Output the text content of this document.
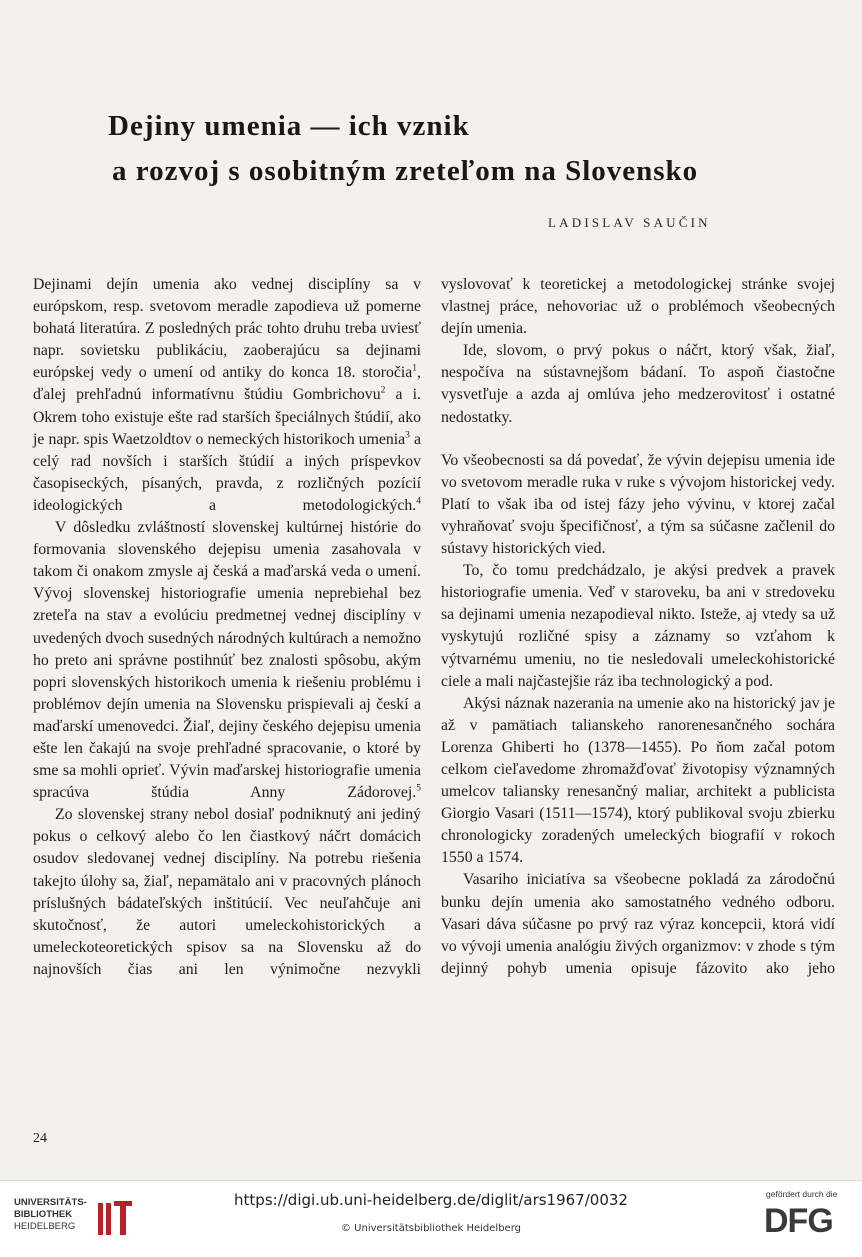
Dejiny umenia — ich vznik
a rozvoj s osobitným zreteľom na Slovensko
LADISLAV SAUČIN

Dejinami dejín umenia ako vednej disciplíny sa v európskom, resp. svetovom meradle zapodieva už pomerne bohatá literatúra. Z posledných prác tohto druhu treba uviesť napr. sovietsku publikáciu, zaoberajúcu sa dejinami európskej vedy o umení od antiky do konca 18. storočia$^1$, ďalej prehľadnú informatívnu štúdiu Gombrichovu$^2$ a i. Okrem toho existuje ešte rad starších špeciálnych štúdií, ako je napr. spis Waetzoldtov o nemeckých historikoch umenia$^3$ a celý rad novších i starších štúdií a iných príspevkov časopiseckých, písaných, pravda, z rozličných pozícií ideologických a metodologických.$^4$

V dôsledku zvláštností slovenskej kultúrnej histórie do formovania slovenského dejepisu umenia zasahovala v takom či onakom zmysle aj česká a maďarská veda o umení. Vývoj slovenskej historiografie umenia neprebiehal bez zreteľa na stav a evolúciu predmetnej vednej disciplíny v uvedených dvoch susedných národných kultúrach a nemožno ho preto ani správne postihnúť bez znalosti spôsobu, akým popri slovenských historikoch umenia k riešeniu problému i problémov dejín umenia na Slovensku prispievali aj českí a maďarskí umenovedci. Žiaľ, dejiny českého dejepisu umenia ešte len čakajú na svoje prehľadné spracovanie, o ktoré by sme sa mohli oprieť. Vývin maďarskej historiografie umenia spracúva štúdia Anny Zádorovej.$^5$

Zo slovenskej strany nebol dosiaľ podniknutý ani jediný pokus o celkový alebo čo len čiastkový náčrt domácich osudov sledovanej vednej disciplíny. Na potrebu riešenia takejto úlohy sa, žiaľ, nepamätalo ani v pracovných plánoch príslušných bádateľských inštitúcií. Vec neuľahčuje ani skutočnosť, že autori umeleckohistorických a umeleckoteoretických spisov sa na Slovensku až do najnovších čias ani len výnimočne nezvykli

vyslovovať k teoretickej a metodologickej stránke svojej vlastnej práce, nehovoriac už o problémoch všeobecných dejín umenia.

Ide, slovom, o prvý pokus o náčrt, ktorý však, žiaľ, nespočíva na sústavnejšom bádaní. To aspoň čiastočne vysvetľuje a azda aj omlúva jeho medzerovitosť i ostatné nedostatky.

Vo všeobecnosti sa dá povedať, že vývin dejepisu umenia ide vo svetovom meradle ruka v ruke s vývojom historickej vedy. Platí to však iba od istej fázy jeho vývinu, v ktorej začal vyhraňovať svoju špecifičnosť, a tým sa súčasne začlenil do sústavy historických vied.

To, čo tomu predchádzalo, je akýsi predvek a pravek historiografie umenia. Veď v staroveku, ba ani v stredoveku sa dejinami umenia nezapodieval nikto. Isteže, aj vtedy sa už vyskytujú rozličné spisy a záznamy so vzťahom k výtvarnému umeniu, no tie nesledovali umeleckohistorické ciele a mali najčastejšie ráz iba technologický a pod.

Akýsi náznak nazerania na umenie ako na historický jav je až v pamätiach talianskeho ranorenesančného sochára Lorenza Ghiberti ho (1378—1455). Po ňom začal potom celkom cieľavedome zhromažďovať životopisy významných umelcov taliansky renesančný maliar, architekt a publicista Giorgio Vasari (1511—1574), ktorý publikoval svoju zbierku chronologicky zoradených umeleckých biografií v rokoch 1550 a 1574.

Vasariho iniciatíva sa všeobecne pokladá za zárodočnú bunku dejín umenia ako samostatného vedného odboru. Vasari dáva súčasne po prvý raz výraz koncepcii, ktorá vidí vo vývoji umenia analógiu živých organizmov: v zhode s tým dejinný pohyb umenia opisuje fázovito ako jeho

24
UNIVERSITÄTS-
BIBLIOTHEK
HEIDELBERG
https://digi.ub.uni-heidelberg.de/diglit/ars1967/0032
© Universitätsbibliothek Heidelberg
gefördert durch die
DFG
